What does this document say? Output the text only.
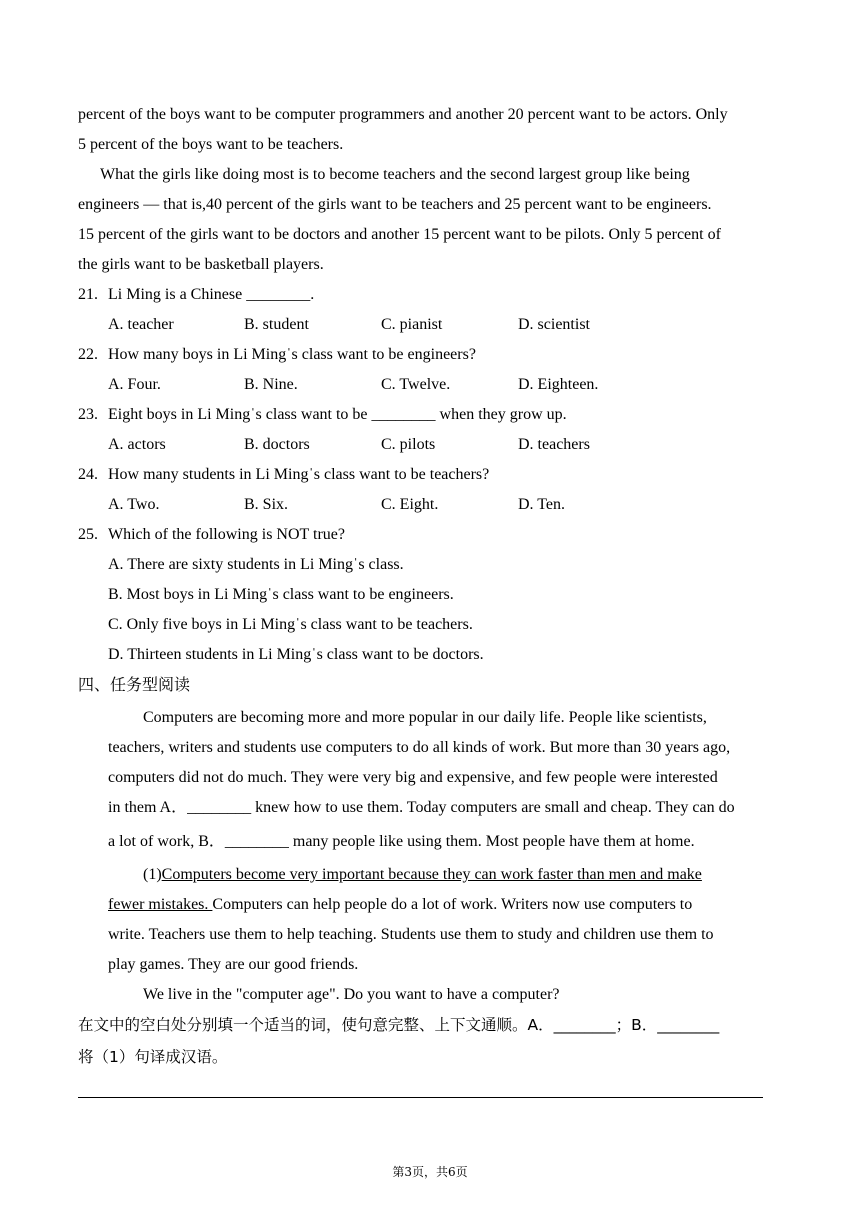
percent of the boys want to be computer programmers and another 20 percent want to be actors. Only
5 percent of the boys want to be teachers.
What the girls like doing most is to become teachers and the second largest group like being
engineers — that is,40 percent of the girls want to be teachers and 25 percent want to be engineers.
15 percent of the girls want to be doctors and another 15 percent want to be pilots. Only 5 percent of
the girls want to be basketball players.
21. Li Ming is a Chinese ________.
A. teacher	B. student	C. pianist	D. scientist
22. How many boys in Li Mingˈs class want to be engineers?
A. Four.	B. Nine.	C. Twelve.	D. Eighteen.
23. Eight boys in Li Mingˈs class want to be ________ when they grow up.
A. actors	B. doctors	C. pilots	D. teachers
24. How many students in Li Mingˈs class want to be teachers?
A. Two.	B. Six.	C. Eight.	D. Ten.
25. Which of the following is NOT true?
A. There are sixty students in Li Mingˈs class.
B. Most boys in Li Mingˈs class want to be engineers.
C. Only five boys in Li Mingˈs class want to be teachers.
D. Thirteen students in Li Mingˈs class want to be doctors.
四、任务型阅读
Computers are becoming more and more popular in our daily life. People like scientists,
teachers, writers and students use computers to do all kinds of work. But more than 30 years ago,
computers did not do much. They were very big and expensive, and few people were interested
in them A．________ knew how to use them. Today computers are small and cheap. They can do
a lot of work, B．________ many people like using them. Most people have them at home.
(1)Computers become very important because they can work faster than men and make
fewer mistakes. Computers can help people do a lot of work. Writers now use computers to
write. Teachers use them to help teaching. Students use them to study and children use them to
play games. They are our good friends.
We live in the "computer age". Do you want to have a computer?
在文中的空白处分别填一个适当的词，使句意完整、上下文通顺。A．________；B．________
将（1）句译成汉语。
第3页，共6页
